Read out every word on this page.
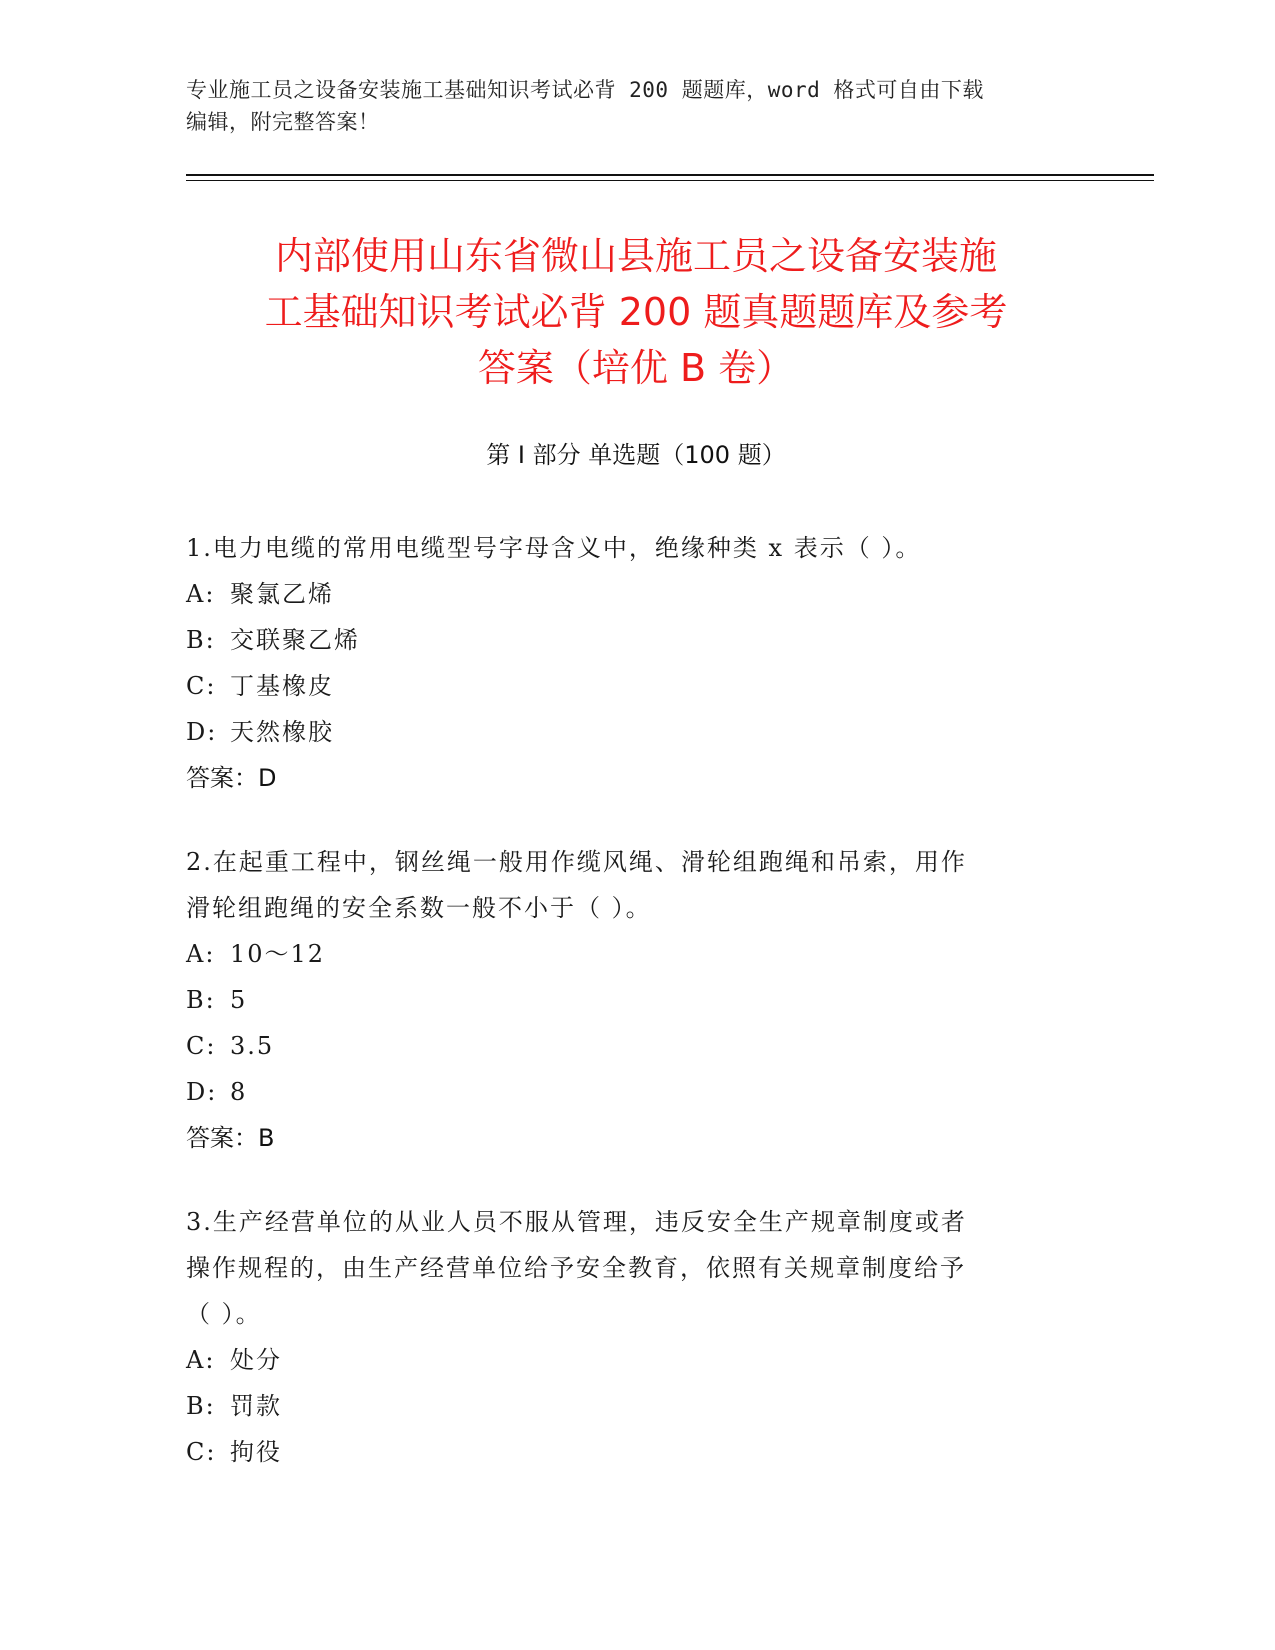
专业施工员之设备安装施工基础知识考试必背 200 题题库，word 格式可自由下载
编辑，附完整答案！
内部使用山东省微山县施工员之设备安装施
工基础知识考试必背 200 题真题题库及参考
答案（培优 B 卷）
第 I 部分 单选题（100 题）
1.电力电缆的常用电缆型号字母含义中，绝缘种类 x 表示（ ）。
A: 聚氯乙烯
B: 交联聚乙烯
C: 丁基橡皮
D: 天然橡胶
答案：D
2.在起重工程中，钢丝绳一般用作缆风绳、滑轮组跑绳和吊索，用作
滑轮组跑绳的安全系数一般不小于（ ）。
A: 10～12
B: 5
C: 3.5
D: 8
答案：B
3.生产经营单位的从业人员不服从管理，违反安全生产规章制度或者
操作规程的，由生产经营单位给予安全教育，依照有关规章制度给予
（ ）。
A: 处分
B: 罚款
C: 拘役
